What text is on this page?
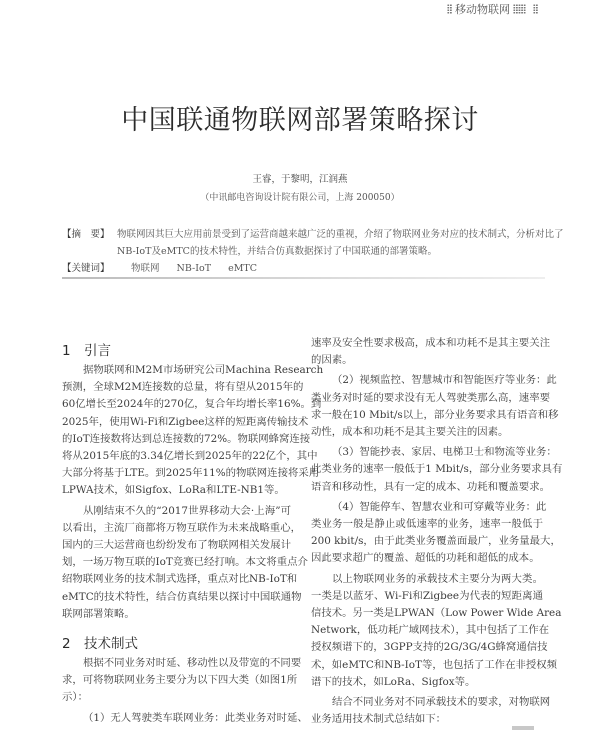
移动物联网
中国联通物联网部署策略探讨
王睿，于黎明，江润燕
（中讯邮电咨询设计院有限公司，上海 200050）
【摘　要】 物联网因其巨大应用前景受到了运营商越来越广泛的重视，介绍了物联网业务对应的技术制式，分析对比了
NB-IoT及eMTC的技术特性，并结合仿真数据探讨了中国联通的部署策略。
【关键词】	物联网 NB-IoT eMTC
1 引言
据物联网和M2M市场研究公司Machina Research
预测，全球M2M连接数的总量，将有望从2015年的
60亿增长至2024年的270亿，复合年均增长率16%。到
2025年，使用Wi-Fi和Zigbee这样的短距离传输技术
的IoT连接数将达到总连接数的72%。物联网蜂窝连接
将从2015年底的3.34亿增长到2025年的22亿个，其中
大部分将基于LTE。到2025年11%的物联网连接将采用
LPWA技术，如Sigfox、LoRa和LTE-NB1等。
从刚结束不久的“2017世界移动大会·上海”可
以看出，主流厂商都将万物互联作为未来战略重心，
国内的三大运营商也纷纷发布了物联网相关发展计
划，一场万物互联的IoT竞赛已经打响。本文将重点介
绍物联网业务的技术制式选择，重点对比NB-IoT和
eMTC的技术特性，结合仿真结果以探讨中国联通物
联网部署策略。
2 技术制式
根据不同业务对时延、移动性以及带宽的不同要
求，可将物联网业务主要分为以下四大类（如图1所
示）：
（1）无人驾驶类车联网业务：此类业务对时延、
速率及安全性要求极高，成本和功耗不是其主要关注
的因素。
（2）视频监控、智慧城市和智能医疗等业务：此
类业务对时延的要求没有无人驾驶类那么高，速率要
求一般在10 Mbit/s以上，部分业务要求具有语音和移
动性，成本和功耗不是其主要关注的因素。
（3）智能抄表、家居、电梯卫士和物流等业务：
此类业务的速率一般低于1 Mbit/s，部分业务要求具有
语音和移动性，具有一定的成本、功耗和覆盖要求。
（4）智能停车、智慧农业和可穿戴等业务：此
类业务一般是静止或低速率的业务，速率一般低于
200 kbit/s，由于此类业务覆盖面最广，业务量最大，
因此要求超广的覆盖、超低的功耗和超低的成本。
以上物联网业务的承载技术主要分为两大类。
一类是以蓝牙、Wi-Fi和Zigbee为代表的短距离通
信技术。另一类是LPWAN（Low Power Wide Area
Network，低功耗广域网技术），其中包括了工作在
授权频谱下的，3GPP支持的2G/3G/4G蜂窝通信技
术，如eMTC和NB-IoT等，也包括了工作在非授权频
谱下的技术，如LoRa、Sigfox等。
结合不同业务对不同承载技术的要求，对物联网
业务适用技术制式总结如下：
